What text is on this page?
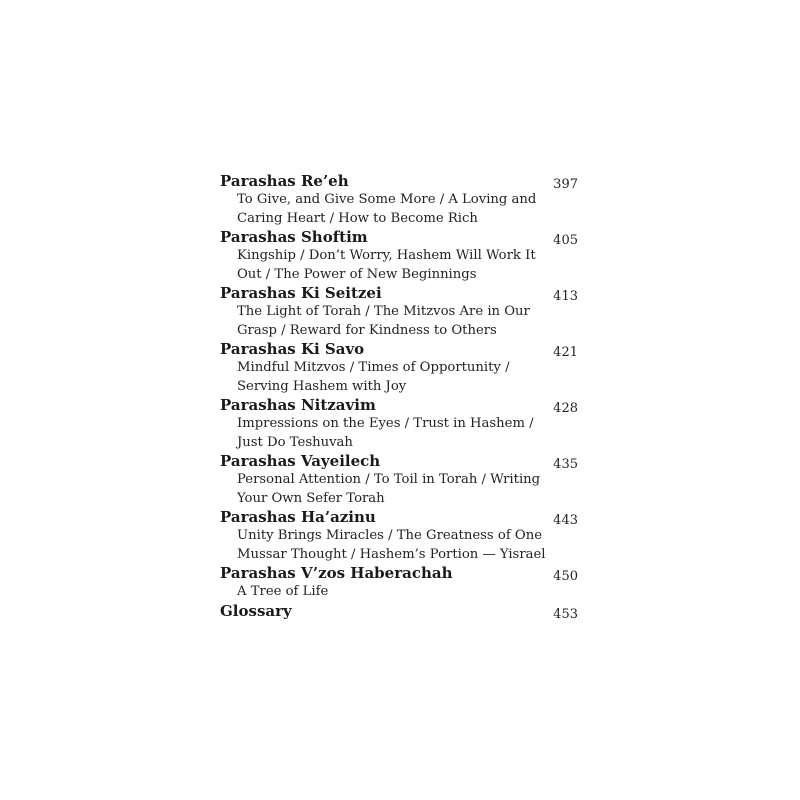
Parashas Re’eh	397
To Give, and Give Some More / A Loving and Caring Heart / How to Become Rich
Parashas Shoftim	405
Kingship / Don’t Worry, Hashem Will Work It Out / The Power of New Beginnings
Parashas Ki Seitzei	413
The Light of Torah / The Mitzvos Are in Our Grasp / Reward for Kindness to Others
Parashas Ki Savo	421
Mindful Mitzvos / Times of Opportunity / Serving Hashem with Joy
Parashas Nitzavim	428
Impressions on the Eyes / Trust in Hashem / Just Do Teshuvah
Parashas Vayeilech	435
Personal Attention / To Toil in Torah / Writing Your Own Sefer Torah
Parashas Ha’azinu	443
Unity Brings Miracles / The Greatness of One Mussar Thought / Hashem’s Portion — Yisrael
Parashas V’zos Haberachah	450
A Tree of Life
Glossary	453
